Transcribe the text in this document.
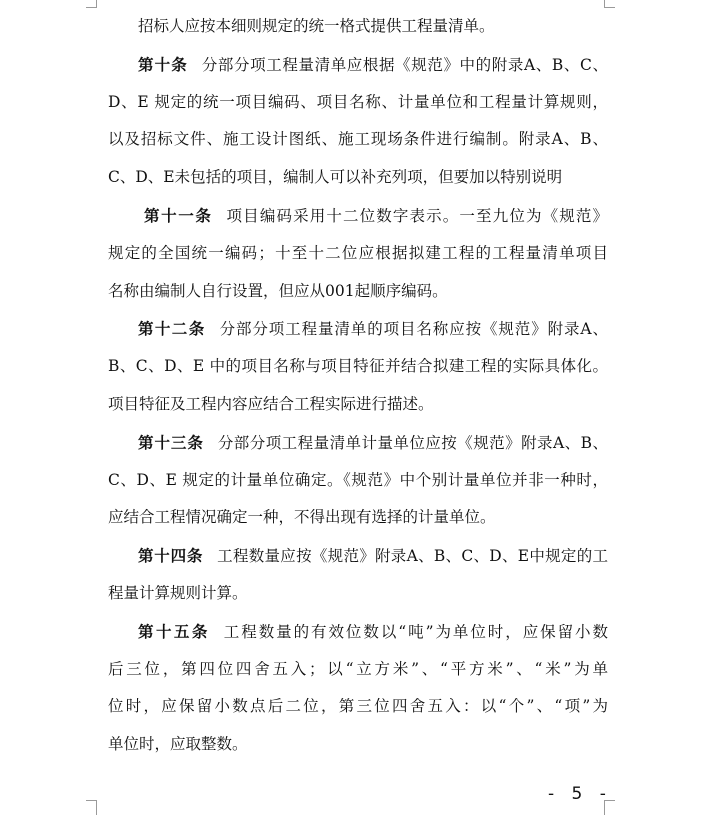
招标人应按本细则规定的统一格式提供工程量清单。
第十条 分部分项工程量清单应根据《规范》中的附录A、B、C、
D、E 规定的统一项目编码、项目名称、计量单位和工程量计算规则，
以及招标文件、施工设计图纸、施工现场条件进行编制。附录A、B、
C、D、E未包括的项目，编制人可以补充列项，但要加以特别说明
第十一条 项目编码采用十二位数字表示。一至九位为《规范》
规定的全国统一编码；十至十二位应根据拟建工程的工程量清单项目
名称由编制人自行设置，但应从001起顺序编码。
第十二条 分部分项工程量清单的项目名称应按《规范》附录A、
B、C、D、E 中的项目名称与项目特征并结合拟建工程的实际具体化。
项目特征及工程内容应结合工程实际进行描述。
第十三条 分部分项工程量清单计量单位应按《规范》附录A、B、
C、D、E 规定的计量单位确定。《规范》中个别计量单位并非一种时，
应结合工程情况确定一种，不得出现有选择的计量单位。
第十四条 工程数量应按《规范》附录A、B、C、D、E中规定的工
程量计算规则计算。
第十五条 工程数量的有效位数以“吨”为单位时，应保留小数
后三位，第四位四舍五入；以“立方米”、“平方米”、“米”为单
位时，应保留小数点后二位，第三位四舍五入：以“个”、“项”为
单位时，应取整数。
- 5 -
